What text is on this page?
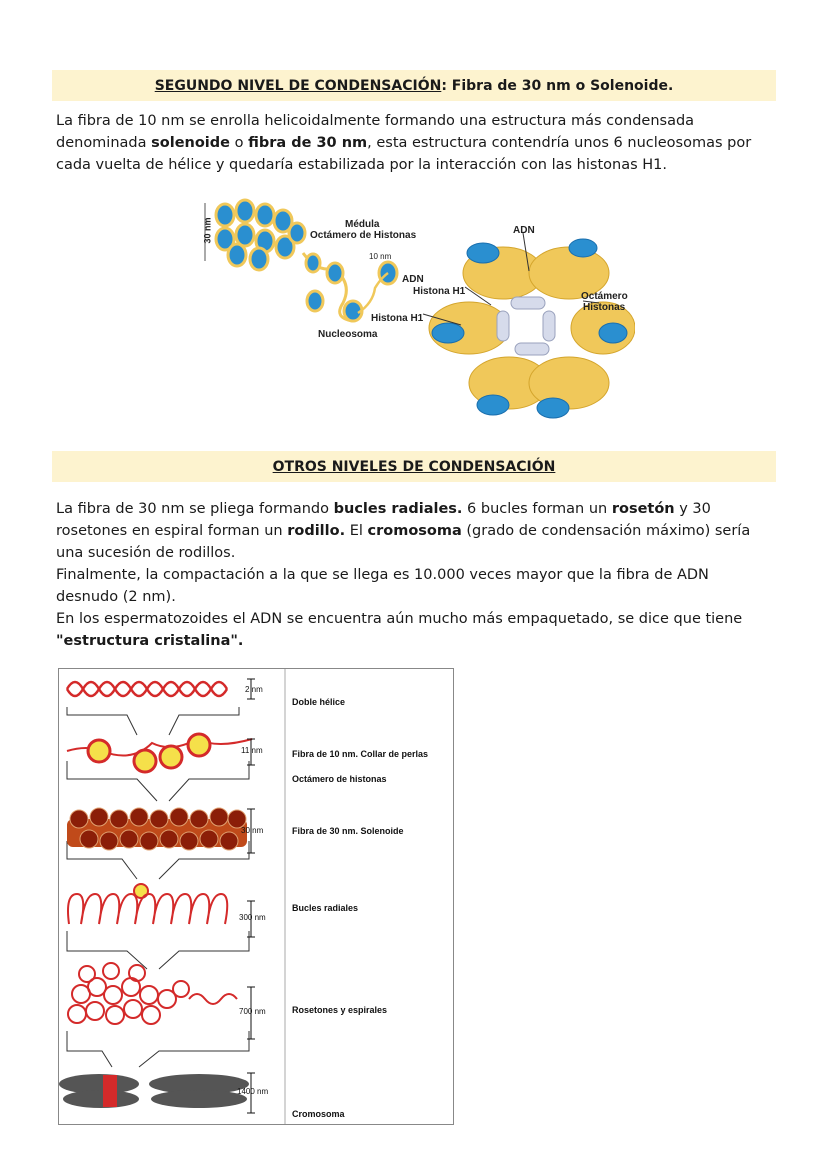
SEGUNDO NIVEL DE CONDENSACIÓN : Fibra de 30 nm o Solenoide.

La fibra de 10 nm se enrolla helicoidalmente formando una estructura más condensada denominada solenoide o fibra de 30 nm, esta estructura contendría unos 6 nucleosomas por cada vuelta de hélice y quedaría estabilizada por la interacción con las histonas H1.

30 nm	Médula
Octámero de Histonas
10 nm
ADN
Histona H1
Histona H1
Nucleosoma
ADN
Octámero
Histonas
OTROS NIVELES DE CONDENSACIÓN

La fibra de 30 nm se pliega formando bucles radiales. 6 bucles forman un rosetón y 30 rosetones en espiral forman un rodillo. El cromosoma (grado de condensación máximo) sería una sucesión de rodillos.

Finalmente, la compactación a la que se llega es 10.000 veces mayor que la fibra de ADN desnudo (2 nm).

En los espermatozoides el ADN se encuentra aún mucho más empaquetado, se dice que tiene
"estructura cristalina".

2 nm
11 nm
30 nm
300 nm
700 nm
1400 nm
Doble hélice
Fibra de 10 nm. Collar de perlas
Octámero de histonas
Fibra de 30 nm. Solenoide
Bucles radiales
Rosetones y espirales
Cromosoma
